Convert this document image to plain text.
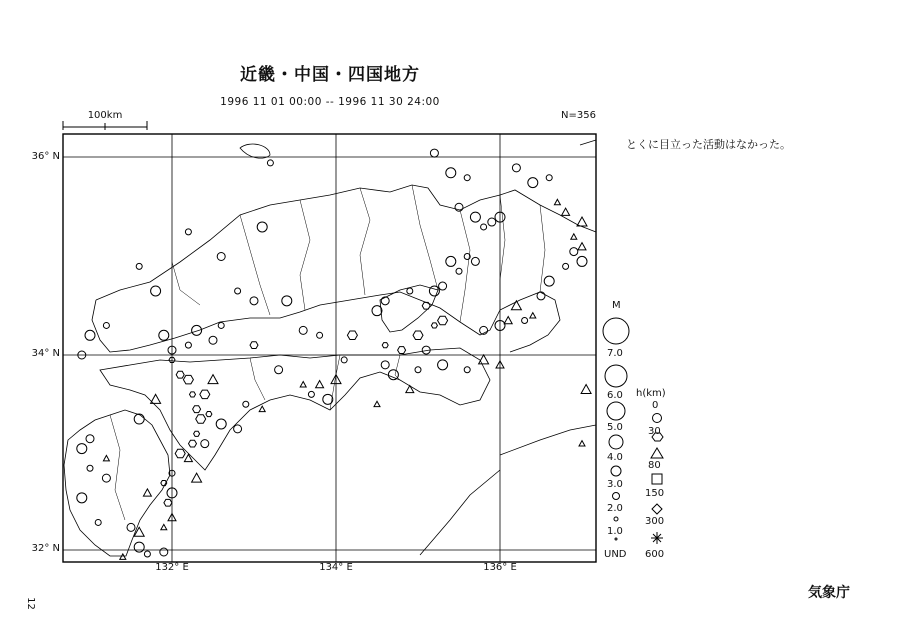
近畿・中国・四国地方
1996 11 01 00:00 -- 1996 11 30 24:00
N=356
100km
とくに目立った活動はなかった。
気象庁
12
36° N
34° N
32° N
132° E	134° E	136° E
M
7.0
6.0
5.0
4.0
3.0
2.0
1.0
UND
h(km)
0
30
80
150
300
600
